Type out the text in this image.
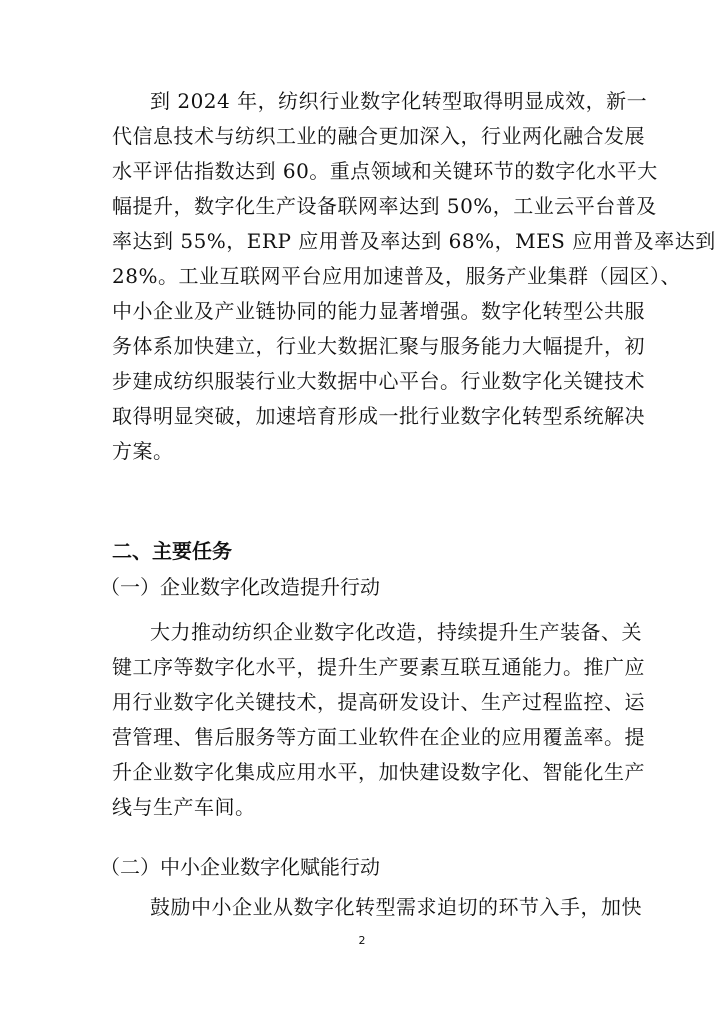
到 2024 年，纺织行业数字化转型取得明显成效，新一
代信息技术与纺织工业的融合更加深入，行业两化融合发展
水平评估指数达到 60。重点领域和关键环节的数字化水平大
幅提升，数字化生产设备联网率达到 50%，工业云平台普及
率达到 55%，ERP 应用普及率达到 68%，MES 应用普及率达到
28%。工业互联网平台应用加速普及，服务产业集群（园区）、
中小企业及产业链协同的能力显著增强。数字化转型公共服
务体系加快建立，行业大数据汇聚与服务能力大幅提升，初
步建成纺织服装行业大数据中心平台。行业数字化关键技术
取得明显突破，加速培育形成一批行业数字化转型系统解决
方案。
二、主要任务
（一）企业数字化改造提升行动
大力推动纺织企业数字化改造，持续提升生产装备、关
键工序等数字化水平，提升生产要素互联互通能力。推广应
用行业数字化关键技术，提高研发设计、生产过程监控、运
营管理、售后服务等方面工业软件在企业的应用覆盖率。提
升企业数字化集成应用水平，加快建设数字化、智能化生产
线与生产车间。
（二）中小企业数字化赋能行动
鼓励中小企业从数字化转型需求迫切的环节入手，加快
2
